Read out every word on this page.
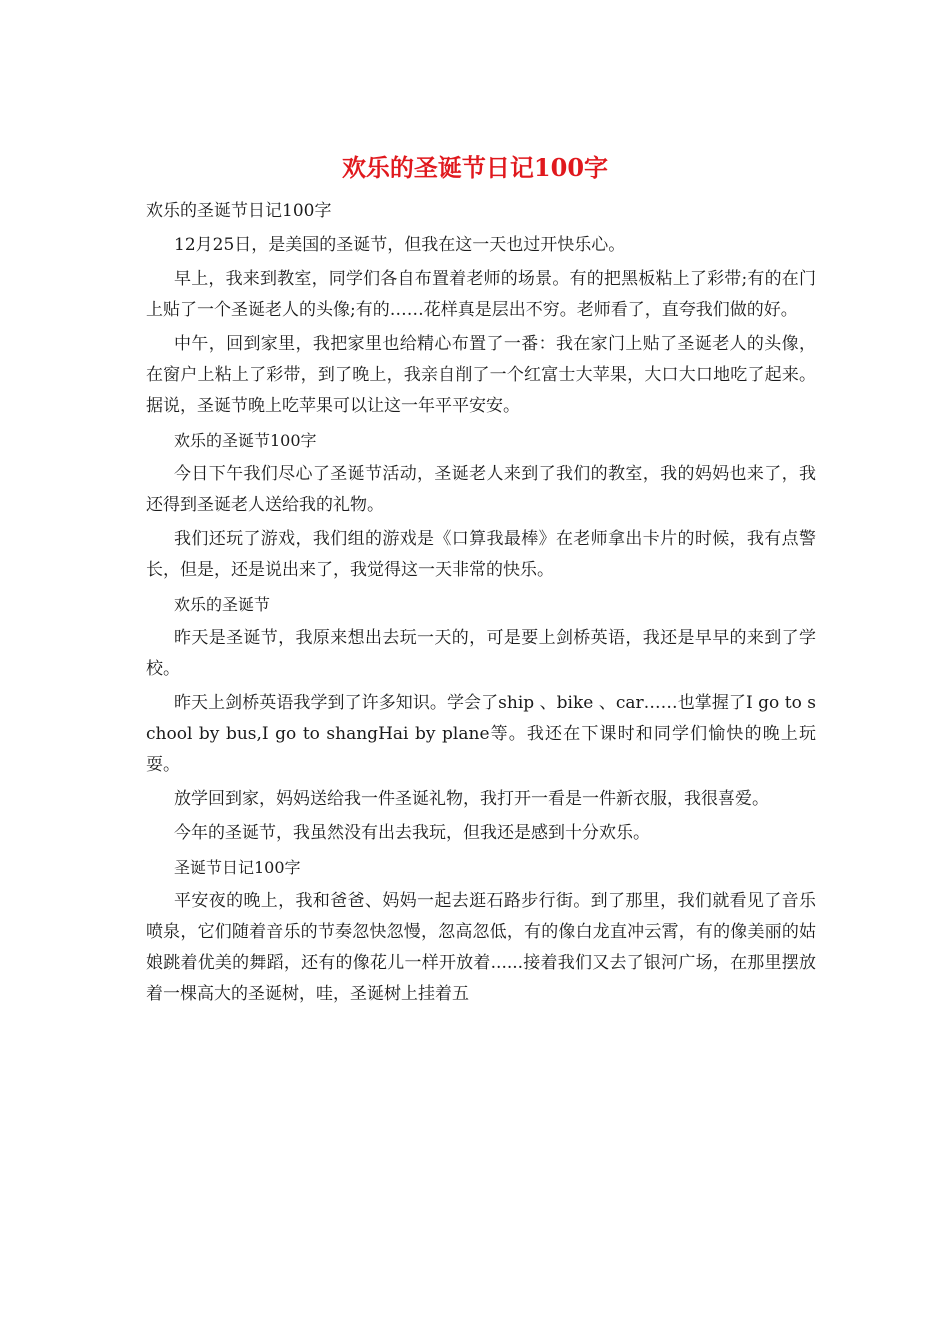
欢乐的圣诞节日记100字

欢乐的圣诞节日记100字

12月25日，是美国的圣诞节，但我在这一天也过开快乐心。

早上，我来到教室，同学们各自布置着老师的场景。有的把黑板粘上了彩带;有的在门上贴了一个圣诞老人的头像;有的……花样真是层出不穷。老师看了，直夸我们做的好。

中午，回到家里，我把家里也给精心布置了一番：我在家门上贴了圣诞老人的头像，在窗户上粘上了彩带，到了晚上，我亲自削了一个红富士大苹果，大口大口地吃了起来。据说，圣诞节晚上吃苹果可以让这一年平平安安。

欢乐的圣诞节100字

今日下午我们尽心了圣诞节活动，圣诞老人来到了我们的教室，我的妈妈也来了，我还得到圣诞老人送给我的礼物。

我们还玩了游戏，我们组的游戏是《口算我最棒》在老师拿出卡片的时候，我有点警长，但是，还是说出来了，我觉得这一天非常的快乐。

欢乐的圣诞节

昨天是圣诞节，我原来想出去玩一天的，可是要上剑桥英语，我还是早早的来到了学校。

昨天上剑桥英语我学到了许多知识。学会了ship 、bike 、car……也掌握了I go to school by bus,I go to shangHai by plane等。我还在下课时和同学们愉快的晚上玩耍。

放学回到家，妈妈送给我一件圣诞礼物，我打开一看是一件新衣服，我很喜爱。

今年的圣诞节，我虽然没有出去我玩，但我还是感到十分欢乐。

圣诞节日记100字

平安夜的晚上，我和爸爸、妈妈一起去逛石路步行街。到了那里，我们就看见了音乐喷泉，它们随着音乐的节奏忽快忽慢，忽高忽低，有的像白龙直冲云霄，有的像美丽的姑娘跳着优美的舞蹈，还有的像花儿一样开放着......接着我们又去了银河广场，在那里摆放着一棵高大的圣诞树，哇，圣诞树上挂着五
